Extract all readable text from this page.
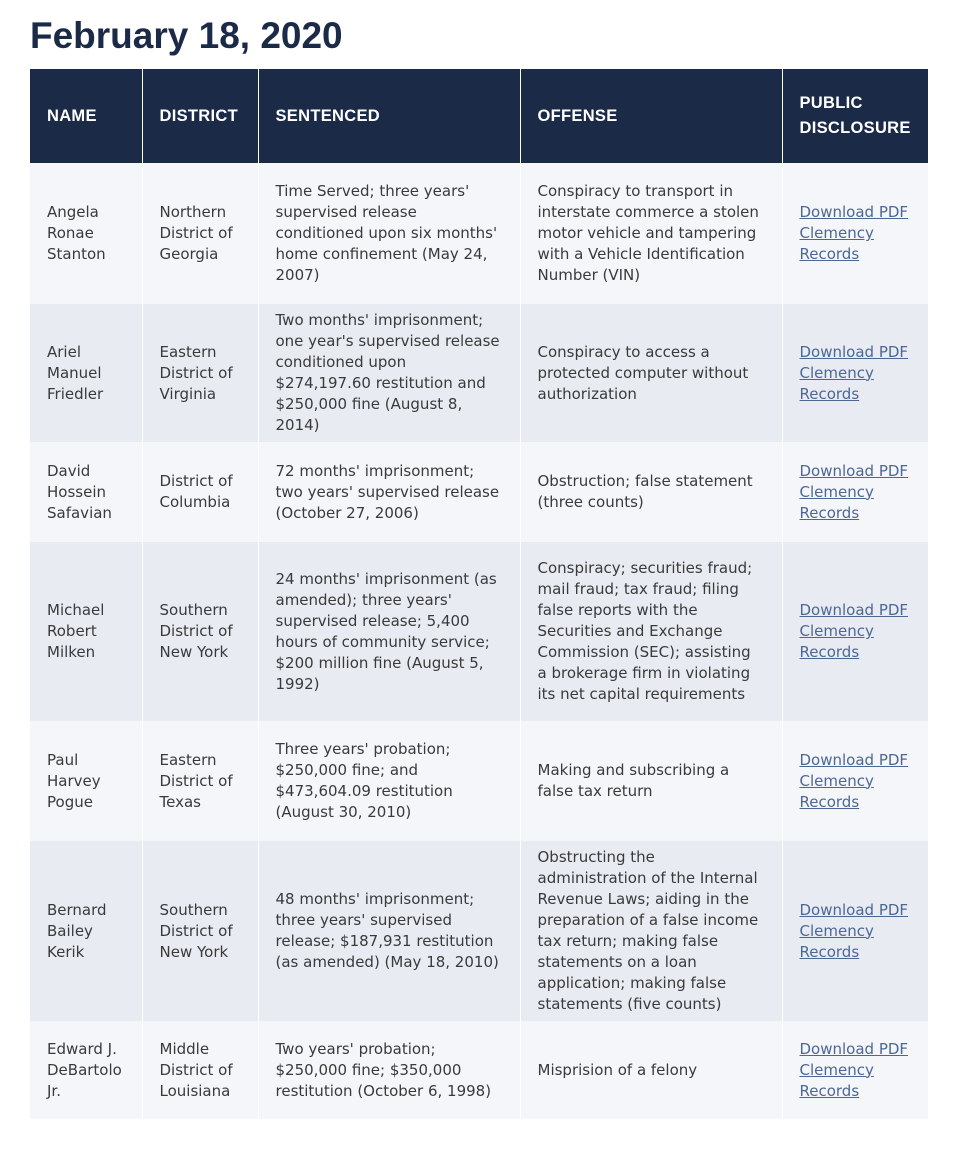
February 18, 2020
NAME	DISTRICT	SENTENCED	OFFENSE	PUBLIC DISCLOSURE
Angela Ronae Stanton	Northern District of Georgia	Time Served; three years' supervised release conditioned upon six months' home confinement (May 24, 2007)	Conspiracy to transport in interstate commerce a stolen motor vehicle and tampering with a Vehicle Identification Number (VIN)	Download PDF Clemency Records
Ariel Manuel Friedler	Eastern District of Virginia	Two months' imprisonment; one year's supervised release conditioned upon $274,197.60 restitution and $250,000 fine (August 8, 2014)	Conspiracy to access a protected computer without authorization	Download PDF Clemency Records
David Hossein Safavian	District of Columbia	72 months' imprisonment; two years' supervised release (October 27, 2006)	Obstruction; false statement (three counts)	Download PDF Clemency Records
Michael Robert Milken	Southern District of New York	24 months' imprisonment (as amended); three years' supervised release; 5,400 hours of community service; $200 million fine (August 5, 1992)	Conspiracy; securities fraud; mail fraud; tax fraud; filing false reports with the Securities and Exchange Commission (SEC); assisting a brokerage firm in violating its net capital requirements	Download PDF Clemency Records
Paul Harvey Pogue	Eastern District of Texas	Three years' probation; $250,000 fine; and $473,604.09 restitution (August 30, 2010)	Making and subscribing a false tax return	Download PDF Clemency Records
Bernard Bailey Kerik	Southern District of New York	48 months' imprisonment; three years' supervised release; $187,931 restitution (as amended) (May 18, 2010)	Obstructing the administration of the Internal Revenue Laws; aiding in the preparation of a false income tax return; making false statements on a loan application; making false statements (five counts)	Download PDF Clemency Records
Edward J. DeBartolo Jr.	Middle District of Louisiana	Two years' probation; $250,000 fine; $350,000 restitution (October 6, 1998)	Misprision of a felony	Download PDF Clemency Records
